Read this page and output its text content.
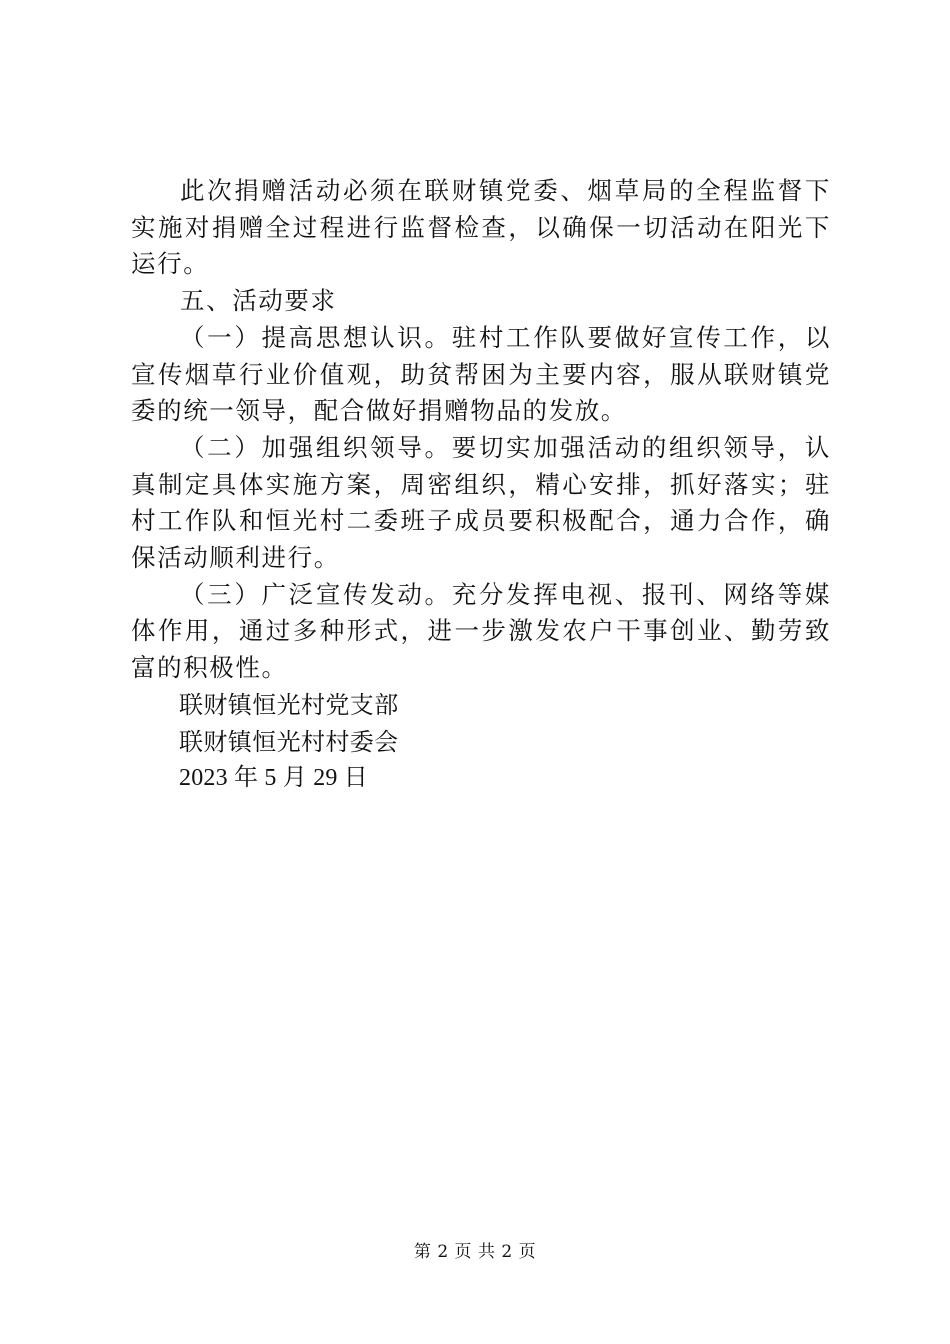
此次捐赠活动必须在联财镇党委、烟草局的全程监督下实施对捐赠全过程进行监督检查，以确保一切活动在阳光下运行。

五、活动要求

（一）提高思想认识。驻村工作队要做好宣传工作，以宣传烟草行业价值观，助贫帮困为主要内容，服从联财镇党委的统一领导，配合做好捐赠物品的发放。

（二）加强组织领导。要切实加强活动的组织领导，认真制定具体实施方案，周密组织，精心安排，抓好落实；驻村工作队和恒光村二委班子成员要积极配合，通力合作，确保活动顺利进行。

（三）广泛宣传发动。充分发挥电视、报刊、网络等媒体作用，通过多种形式，进一步激发农户干事创业、勤劳致富的积极性。

联财镇恒光村党支部

联财镇恒光村村委会

2023 年 5 月 29 日

第 2 页 共 2 页
